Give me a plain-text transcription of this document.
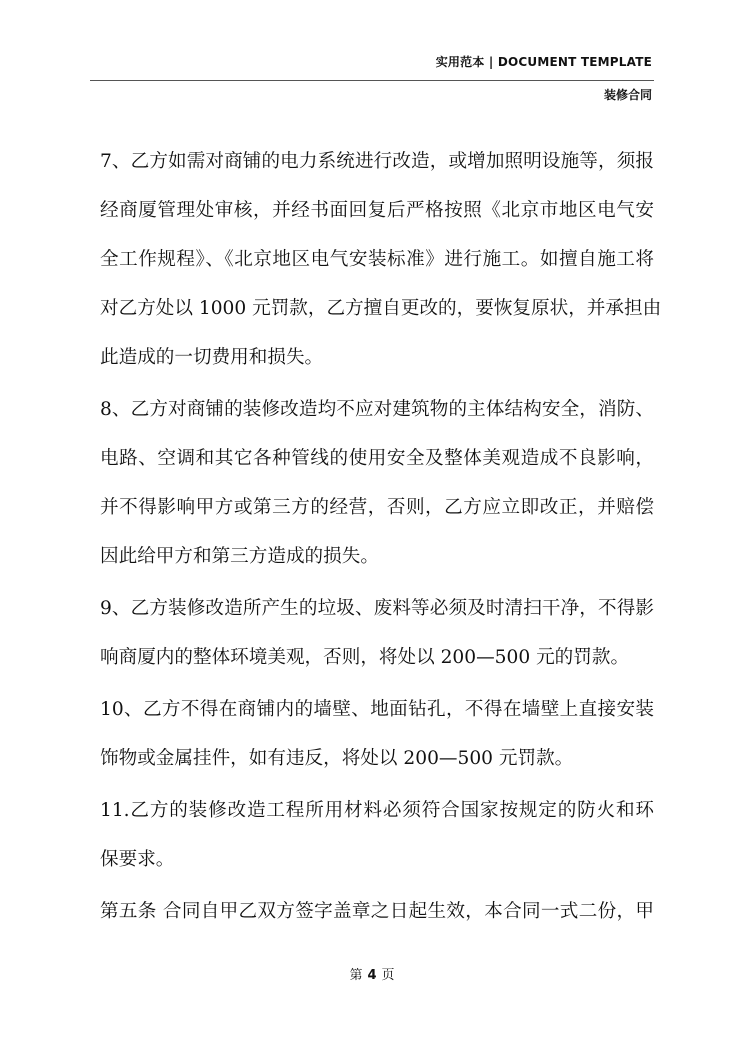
实用范本 | DOCUMENT TEMPLATE
装修合同
7、乙方如需对商铺的电力系统进行改造，或增加照明设施等，须报
经商厦管理处审核，并经书面回复后严格按照《北京市地区电气安
全工作规程》、《北京地区电气安装标准》进行施工。如擅自施工将
对乙方处以 1000 元罚款，乙方擅自更改的，要恢复原状，并承担由
此造成的一切费用和损失。
8、乙方对商铺的装修改造均不应对建筑物的主体结构安全，消防、
电路、空调和其它各种管线的使用安全及整体美观造成不良影响，
并不得影响甲方或第三方的经营，否则，乙方应立即改正，并赔偿
因此给甲方和第三方造成的损失。
9、乙方装修改造所产生的垃圾、废料等必须及时清扫干净，不得影
响商厦内的整体环境美观，否则，将处以 200—500 元的罚款。
10、乙方不得在商铺内的墙壁、地面钻孔，不得在墙壁上直接安装
饰物或金属挂件，如有违反，将处以 200—500 元罚款。
11.乙方的装修改造工程所用材料必须符合国家按规定的防火和环
保要求。
第五条 合同自甲乙双方签字盖章之日起生效，本合同一式二份，甲
第 4 页
